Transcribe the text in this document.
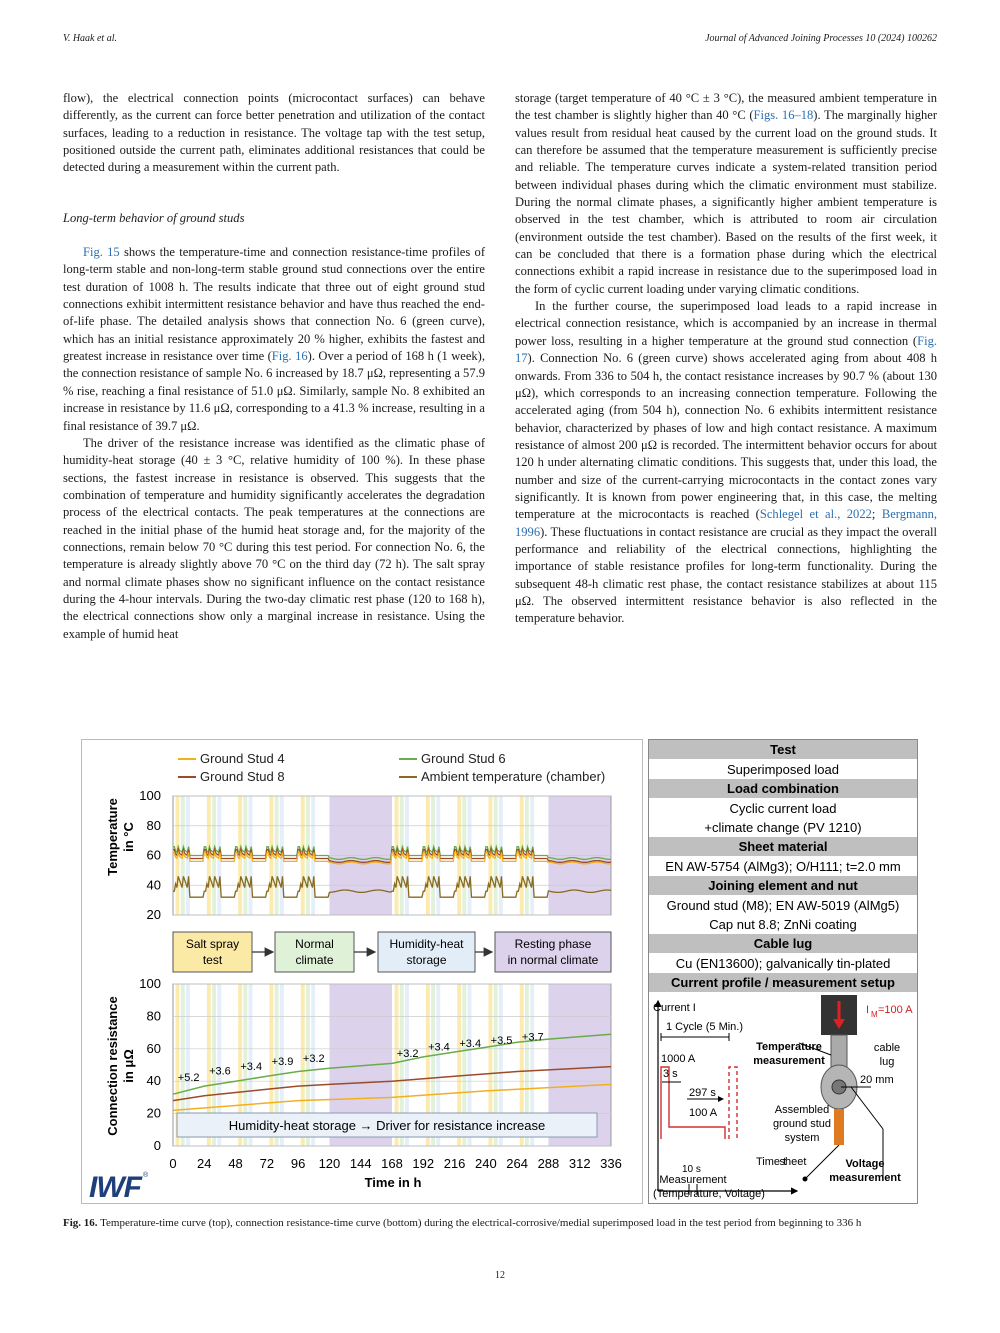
V. Haak et al.	Journal of Advanced Joining Processes 10 (2024) 100262

flow), the electrical connection points (microcontact surfaces) can behave differently, as the current can force better penetration and utilization of the contact surfaces, leading to a reduction in resistance. The voltage tap with the test setup, positioned outside the current path, eliminates additional resistances that could be detected during a measurement within the current path.

Long-term behavior of ground studs

Fig. 15 shows the temperature-time and connection resistance-time profiles of long-term stable and non-long-term stable ground stud connections over the entire test duration of 1008 h. The results indicate that three out of eight ground stud connections exhibit intermittent resistance behavior and have thus reached the end-of-life phase. The detailed analysis shows that connection No. 6 (green curve), which has an initial resistance approximately 20 % higher, exhibits the fastest and greatest increase in resistance over time (Fig. 16). Over a period of 168 h (1 week), the connection resistance of sample No. 6 increased by 18.7 μΩ, representing a 57.9 % rise, reaching a final resistance of 51.0 μΩ. Similarly, sample No. 8 exhibited an increase in resistance by 11.6 μΩ, corresponding to a 41.3 % increase, resulting in a final resistance of 39.7 μΩ.

The driver of the resistance increase was identified as the climatic phase of humidity-heat storage (40 ± 3 °C, relative humidity of 100 %). In these phase sections, the fastest increase in resistance is observed. This suggests that the combination of temperature and humidity significantly accelerates the degradation process of the electrical contacts. The peak temperatures at the connections are reached in the initial phase of the humid heat storage and, for the majority of the connections, remain below 70 °C during this test period. For connection No. 6, the temperature is already slightly above 70 °C on the third day (72 h). The salt spray and normal climate phases show no significant influence on the contact resistance during the 4-hour intervals. During the two-day climatic rest phase (120 to 168 h), the electrical connections show only a marginal increase in resistance. Using the example of humid heat

storage (target temperature of 40 °C ± 3 °C), the measured ambient temperature in the test chamber is slightly higher than 40 °C (Figs. 16–18). The marginally higher values result from residual heat caused by the current load on the ground studs. It can therefore be assumed that the temperature measurement is sufficiently precise and reliable. The temperature curves indicate a system-related transition period between individual phases during which the climatic environment must stabilize. During the normal climate phases, a significantly higher ambient temperature is observed in the test chamber, which is attributed to room air circulation (environment outside the test chamber). Based on the results of the first week, it can be concluded that there is a formation phase during which the electrical connections exhibit a rapid increase in resistance due to the superimposed load in the form of cyclic current loading under varying climatic conditions.

In the further course, the superimposed load leads to a rapid increase in electrical connection resistance, which is accompanied by an increase in thermal power loss, resulting in a higher temperature at the ground stud connection (Fig. 17). Connection No. 6 (green curve) shows accelerated aging from about 408 h onwards. From 336 to 504 h, the contact resistance increases by 90.7 % (about 130 μΩ), which corresponds to an increasing connection temperature. Following the accelerated aging (from 504 h), connection No. 6 exhibits intermittent resistance behavior, characterized by phases of low and high contact resistance. A maximum resistance of almost 200 μΩ is recorded. The intermittent behavior occurs for about 120 h under alternating climatic conditions. This suggests that, under this load, the number and size of the current-carrying microcontacts in the contact zones vary significantly. It is known from power engineering that, in this case, the melting temperature at the microcontacts is reached (Schlegel et al., 2022; Bergmann, 1996). These fluctuations in contact resistance are crucial as they impact the overall performance and reliability of the electrical connections, highlighting the importance of stable resistance profiles for long-term functionality. During the subsequent 48-h climatic rest phase, the contact resistance stabilizes at about 115 μΩ. The observed intermittent resistance behavior is also reflected in the temperature behavior.

Ground Stud 4
Ground Stud 8
Ground Stud 6
Ambient temperature (chamber)
20
40
60
80
100
Temperature in °C
Salt spray
test
Normal
climate
Humidity-heat
storage
Resting phase
in normal climate
+5.2
+3.6 +3.4 +3.9 +3.2	+3.2
+3.4 +3.4 +3.5 +3.7
0
20
40
60
80
100
0 24 48 72 96 120 144 168 192 216 240 264 288 312 336
Humidity-heat storage → Driver for resistance increase
Connection resistance in μΩ
Time in h
IWF ®
Test
Superimposed load
Load combination
Cyclic current load
+climate change (PV 1210)
Sheet material
EN AW-5754 (AlMg3); O/H111; t=2.0 mm
Joining element and nut
Ground stud (M8); EN AW-5019 (AlMg5)
Cap nut 8.8; ZnNi coating
Cable lug
Cu (EN13600); galvanically tin-plated
Current profile / measurement setup
Current I
1 Cycle (5 Min.)
1000 A
3 s
297 s
100 A
10 s
Time t
Measurement
(Temperature, Voltage)
I M =100 A
20 mm
Temperature
measurement
cable
lug
Assembled
ground stud
system
sheet	Voltage
measurement
Fig. 16. Temperature-time curve (top), connection resistance-time curve (bottom) during the electrical-corrosive/medial superimposed load in the test period from beginning to 336 h
12
